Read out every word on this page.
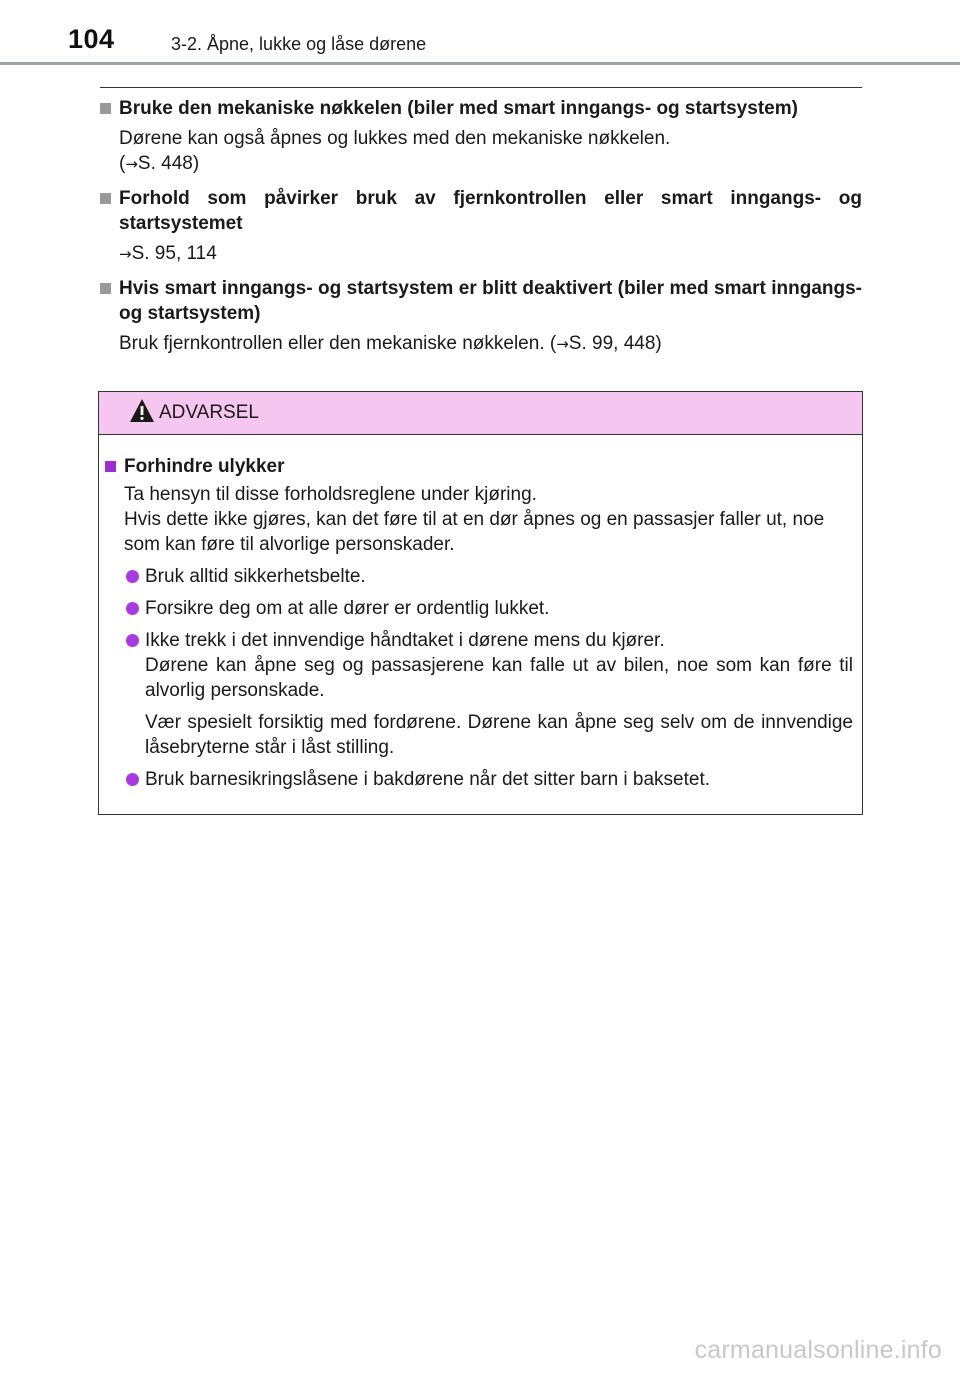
104	3-2. Åpne, lukke og låse dørene
Bruke den mekaniske nøkkelen (biler med smart inngangs- og startsystem)
Dørene kan også åpnes og lukkes med den mekaniske nøkkelen.
(→S. 448)
Forhold som påvirker bruk av fjernkontrollen eller smart inngangs- og startsystemet
→S. 95, 114
Hvis smart inngangs- og startsystem er blitt deaktivert (biler med smart inngangs- og startsystem)
Bruk fjernkontrollen eller den mekaniske nøkkelen. (→S. 99, 448)
ADVARSEL
Forhindre ulykker
Ta hensyn til disse forholdsreglene under kjøring.
Hvis dette ikke gjøres, kan det føre til at en dør åpnes og en passasjer faller ut, noe som kan føre til alvorlige personskader.
Bruk alltid sikkerhetsbelte.
Forsikre deg om at alle dører er ordentlig lukket.
Ikke trekk i det innvendige håndtaket i dørene mens du kjører.
Dørene kan åpne seg og passasjerene kan falle ut av bilen, noe som kan føre til alvorlig personskade.
Vær spesielt forsiktig med fordørene. Dørene kan åpne seg selv om de innvendige låsebryterne står i låst stilling.
Bruk barnesikringslåsene i bakdørene når det sitter barn i baksetet.
carmanualsonline.info
